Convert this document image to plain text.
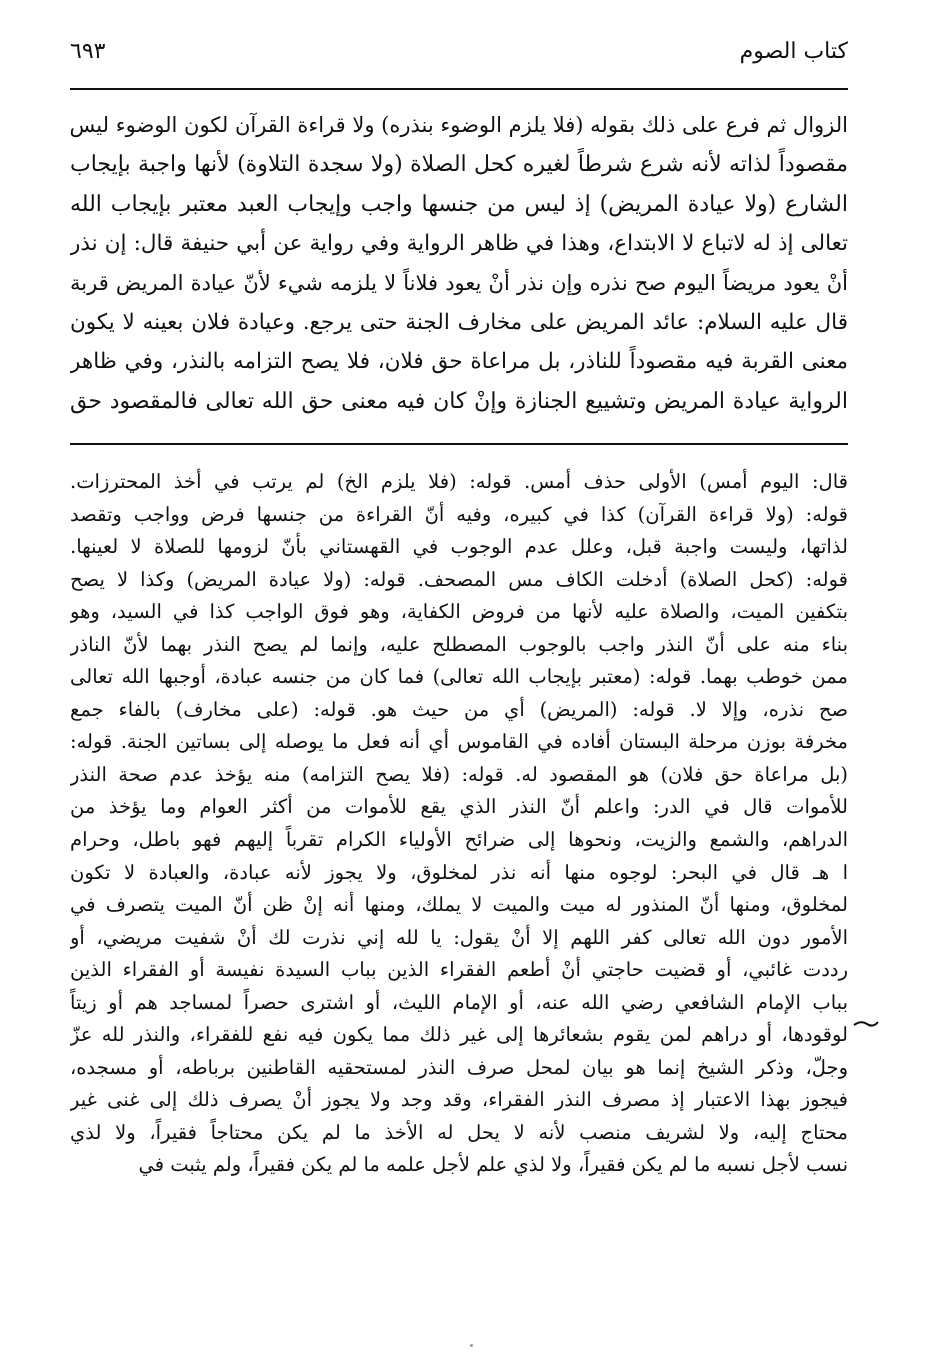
كتاب الصوم
٦٩٣
الزوال ثم فرع على ذلك بقوله (فلا يلزم الوضوء بنذره) ولا قراءة القرآن لكون الوضوء ليس
مقصوداً لذاته لأنه شرع شرطاً لغيره كحل الصلاة (ولا سجدة التلاوة) لأنها واجبة بإيجاب
الشارع (ولا عيادة المريض) إذ ليس من جنسها واجب وإيجاب العبد معتبر بإيجاب الله
تعالى إذ له لاتباع لا الابتداع، وهذا في ظاهر الرواية وفي رواية عن أبي حنيفة قال: إن نذر
أنْ يعود مريضاً اليوم صح نذره وإن نذر أنْ يعود فلاناً لا يلزمه شيء لأنّ عيادة المريض قربة
قال عليه السلام: عائد المريض على مخارف الجنة حتى يرجع. وعيادة فلان بعينه لا يكون
معنى القربة فيه مقصوداً للناذر، بل مراعاة حق فلان، فلا يصح التزامه بالنذر، وفي ظاهر
الرواية عيادة المريض وتشييع الجنازة وإنْ كان فيه معنى حق الله تعالى فالمقصود حق
قال: اليوم أمس) الأولى حذف أمس. قوله: (فلا يلزم الخ) لم يرتب في أخذ المحترزات.
قوله: (ولا قراءة القرآن) كذا في كبيره، وفيه أنّ القراءة من جنسها فرض وواجب وتقصد
لذاتها، وليست واجبة قبل، وعلل عدم الوجوب في القهستاني بأنّ لزومها للصلاة لا لعينها.
قوله: (كحل الصلاة) أدخلت الكاف مس المصحف. قوله: (ولا عيادة المريض) وكذا لا يصح
بتكفين الميت، والصلاة عليه لأنها من فروض الكفاية، وهو فوق الواجب كذا في السيد، وهو
بناء منه على أنّ النذر واجب بالوجوب المصطلح عليه، وإنما لم يصح النذر بهما لأنّ الناذر
ممن خوطب بهما. قوله: (معتبر بإيجاب الله تعالى) فما كان من جنسه عبادة، أوجبها الله تعالى
صح نذره، وإلا لا. قوله: (المريض) أي من حيث هو. قوله: (على مخارف) بالفاء جمع
مخرفة بوزن مرحلة البستان أفاده في القاموس أي أنه فعل ما يوصله إلى بساتين الجنة. قوله:
(بل مراعاة حق فلان) هو المقصود له. قوله: (فلا يصح التزامه) منه يؤخذ عدم صحة النذر
للأموات قال في الدر: واعلم أنّ النذر الذي يقع للأموات من أكثر العوام وما يؤخذ من
الدراهم، والشمع والزيت، ونحوها إلى ضرائح الأولياء الكرام تقرباً إليهم فهو باطل، وحرام
ا هـ قال في البحر: لوجوه منها أنه نذر لمخلوق، ولا يجوز لأنه عبادة، والعبادة لا تكون
لمخلوق، ومنها أنّ المنذور له ميت والميت لا يملك، ومنها أنه إنْ ظن أنّ الميت يتصرف في
الأمور دون الله تعالى كفر اللهم إلا أنْ يقول: يا لله إني نذرت لك أنْ شفيت مريضي، أو
رددت غائبي، أو قضيت حاجتي أنْ أطعم الفقراء الذين بباب السيدة نفيسة أو الفقراء الذين
بباب الإمام الشافعي رضي الله عنه، أو الإمام الليث، أو اشترى حصراً لمساجد هم أو زيتاً
لوقودها، أو دراهم لمن يقوم بشعائرها إلى غير ذلك مما يكون فيه نفع للفقراء، والنذر لله عزّ
وجلّ، وذكر الشيخ إنما هو بيان لمحل صرف النذر لمستحقيه القاطنين برباطه، أو مسجده،
فيجوز بهذا الاعتبار إذ مصرف النذر الفقراء، وقد وجد ولا يجوز أنْ يصرف ذلك إلى غنى غير
محتاج إليه، ولا لشريف منصب لأنه لا يحل له الأخذ ما لم يكن محتاجاً فقيراً، ولا لذي
نسب لأجل نسبه ما لم يكن فقيراً، ولا لذي علم لأجل علمه ما لم يكن فقيراً، ولم يثبت في
